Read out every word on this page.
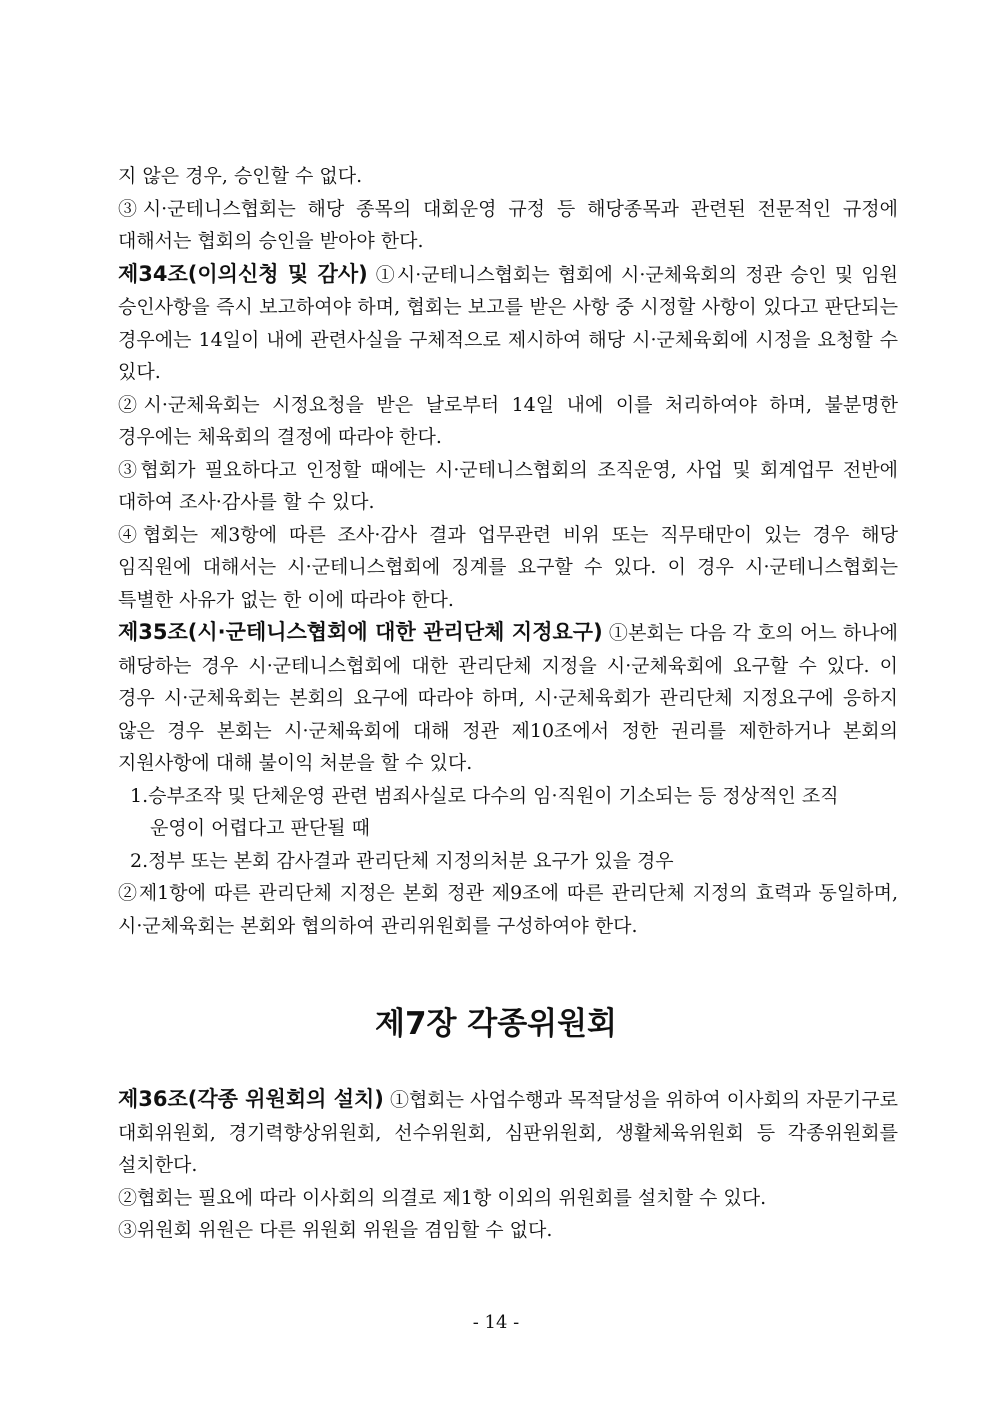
지 않은 경우, 승인할 수 없다.

③시·군테니스협회는 해당 종목의 대회운영 규정 등 해당종목과 관련된 전문적인 규정에 대해서는 협회의 승인을 받아야 한다.

제34조(이의신청 및 감사) ①시·군테니스협회는 협회에 시·군체육회의 정관 승인 및 임원 승인사항을 즉시 보고하여야 하며, 협회는 보고를 받은 사항 중 시정할 사항이 있다고 판단되는 경우에는 14일이 내에 관련사실을 구체적으로 제시하여 해당 시·군체육회에 시정을 요청할 수 있다.

②시·군체육회는 시정요청을 받은 날로부터 14일 내에 이를 처리하여야 하며, 불분명한 경우에는 체육회의 결정에 따라야 한다.

③협회가 필요하다고 인정할 때에는 시·군테니스협회의 조직운영, 사업 및 회계업무 전반에 대하여 조사·감사를 할 수 있다.

④협회는 제3항에 따른 조사·감사 결과 업무관련 비위 또는 직무태만이 있는 경우 해당 임직원에 대해서는 시·군테니스협회에 징계를 요구할 수 있다. 이 경우 시·군테니스협회는 특별한 사유가 없는 한 이에 따라야 한다.

제35조(시·군테니스협회에 대한 관리단체 지정요구) ①본회는 다음 각 호의 어느 하나에 해당하는 경우 시·군테니스협회에 대한 관리단체 지정을 시·군체육회에 요구할 수 있다. 이 경우 시·군체육회는 본회의 요구에 따라야 하며, 시·군체육회가 관리단체 지정요구에 응하지 않은 경우 본회는 시·군체육회에 대해 정관 제10조에서 정한 권리를 제한하거나 본회의 지원사항에 대해 불이익 처분을 할 수 있다.

1.승부조작 및 단체운영 관련 범죄사실로 다수의 임·직원이 기소되는 등 정상적인 조직 운영이 어렵다고 판단될 때

2.정부 또는 본회 감사결과 관리단체 지정의처분 요구가 있을 경우

②제1항에 따른 관리단체 지정은 본회 정관 제9조에 따른 관리단체 지정의 효력과 동일하며, 시·군체육회는 본회와 협의하여 관리위원회를 구성하여야 한다.

제7장 각종위원회

제36조(각종 위원회의 설치) ①협회는 사업수행과 목적달성을 위하여 이사회의 자문기구로 대회위원회, 경기력향상위원회, 선수위원회, 심판위원회, 생활체육위원회 등 각종위원회를 설치한다.

②협회는 필요에 따라 이사회의 의결로 제1항 이외의 위원회를 설치할 수 있다.

③위원회 위원은 다른 위원회 위원을 겸임할 수 없다.

- 14 -
